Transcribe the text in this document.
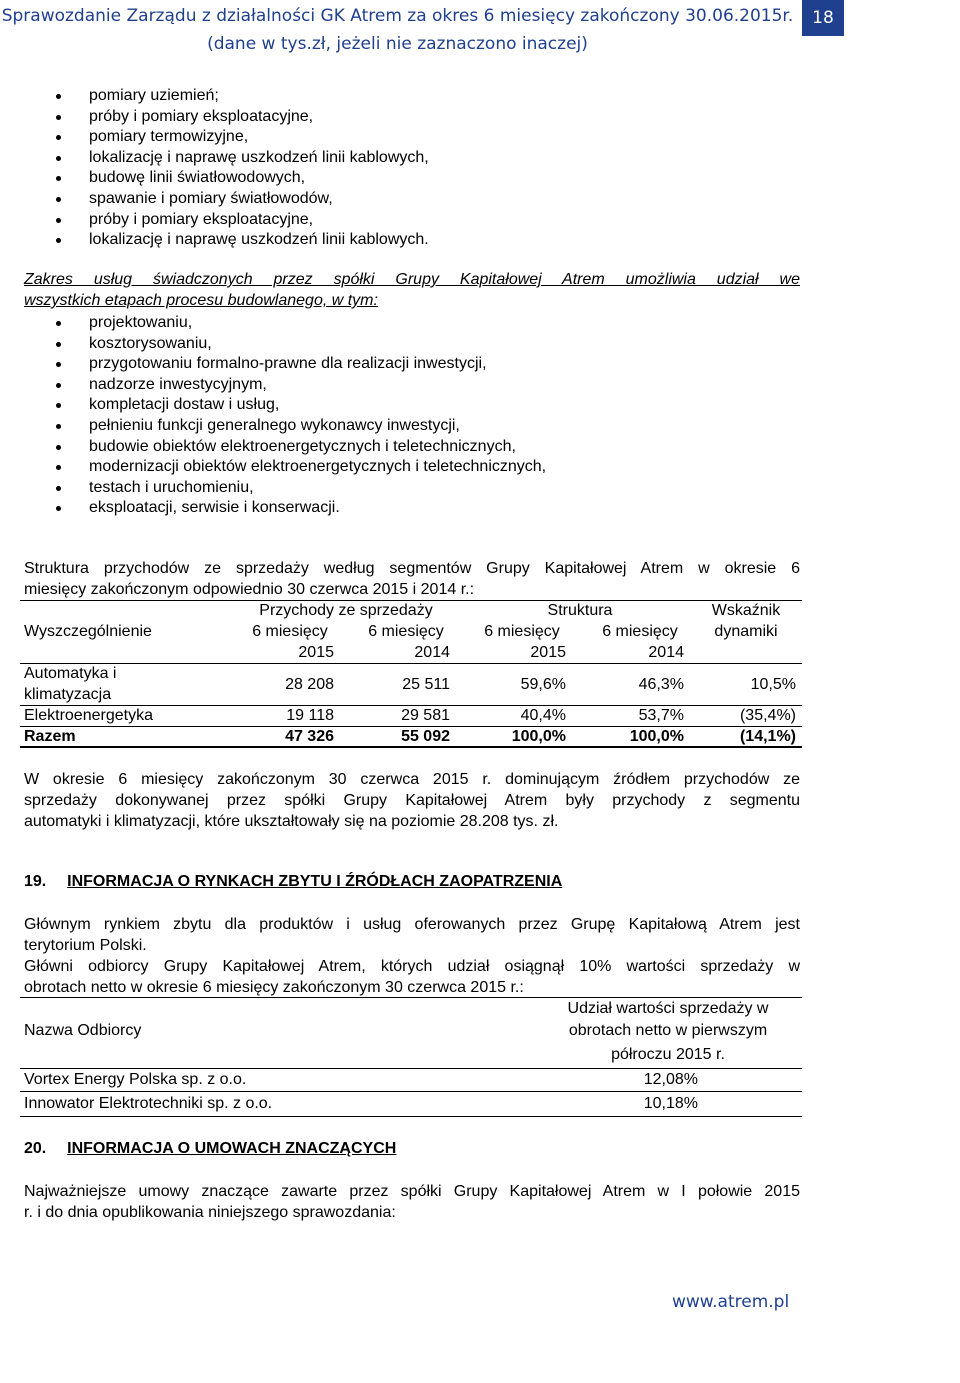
Sprawozdanie Zarządu z działalności GK Atrem za okres 6 miesięcy zakończony 30.06.2015r.
(dane w tys.zł, jeżeli nie zaznaczono inaczej)
18
pomiary uziemień;
próby i pomiary eksploatacyjne,
pomiary termowizyjne,
lokalizację i naprawę uszkodzeń linii kablowych,
budowę linii światłowodowych,
spawanie i pomiary światłowodów,
próby i pomiary eksploatacyjne,
lokalizację i naprawę uszkodzeń linii kablowych.
Zakres usług świadczonych przez spółki Grupy Kapitałowej Atrem umożliwia udział we
wszystkich etapach procesu budowlanego, w tym:
projektowaniu,
kosztorysowaniu,
przygotowaniu formalno-prawne dla realizacji inwestycji,
nadzorze inwestycyjnym,
kompletacji dostaw i usług,
pełnieniu funkcji generalnego wykonawcy inwestycji,
budowie obiektów elektroenergetycznych i teletechnicznych,
modernizacji obiektów elektroenergetycznych i teletechnicznych,
testach i uruchomieniu,
eksploatacji, serwisie i konserwacji.
Struktura przychodów ze sprzedaży według segmentów Grupy Kapitałowej Atrem w okresie 6
miesięcy zakończonym odpowiednio 30 czerwca 2015 i 2014 r.:
Wyszczególnienie
Przychody ze sprzedaży	Struktura	Wskaźnik
dynamiki
6 miesięcy	6 miesięcy	6 miesięcy	6 miesięcy
2015	2014	2015	2014
Automatyka i
klimatyzacja
28 208	25 511	59,6%	46,3%	10,5%
Elektroenergetyka	19 118	29 581	40,4%	53,7%	(35,4%)
Razem	47 326	55 092	100,0%	100,0%	(14,1%)
W okresie 6 miesięcy zakończonym 30 czerwca 2015 r. dominującym źródłem przychodów ze
sprzedaży dokonywanej przez spółki Grupy Kapitałowej Atrem były przychody z segmentu
automatyki i klimatyzacji, które ukształtowały się na poziomie 28.208 tys. zł.
19. INFORMACJA O RYNKACH ZBYTU I ŹRÓDŁACH ZAOPATRZENIA
Głównym rynkiem zbytu dla produktów i usług oferowanych przez Grupę Kapitałową Atrem jest
terytorium Polski.
Główni odbiorcy Grupy Kapitałowej Atrem, których udział osiągnął 10% wartości sprzedaży w
obrotach netto w okresie 6 miesięcy zakończonym 30 czerwca 2015 r.:
Nazwa Odbiorcy
Udział wartości sprzedaży w
obrotach netto w pierwszym
półroczu 2015 r.
Vortex Energy Polska sp. z o.o.	12,08%
Innowator Elektrotechniki sp. z o.o.	10,18%
20. INFORMACJA O UMOWACH ZNACZĄCYCH
Najważniejsze umowy znaczące zawarte przez spółki Grupy Kapitałowej Atrem w I połowie 2015
r. i do dnia opublikowania niniejszego sprawozdania:
www.atrem.pl
